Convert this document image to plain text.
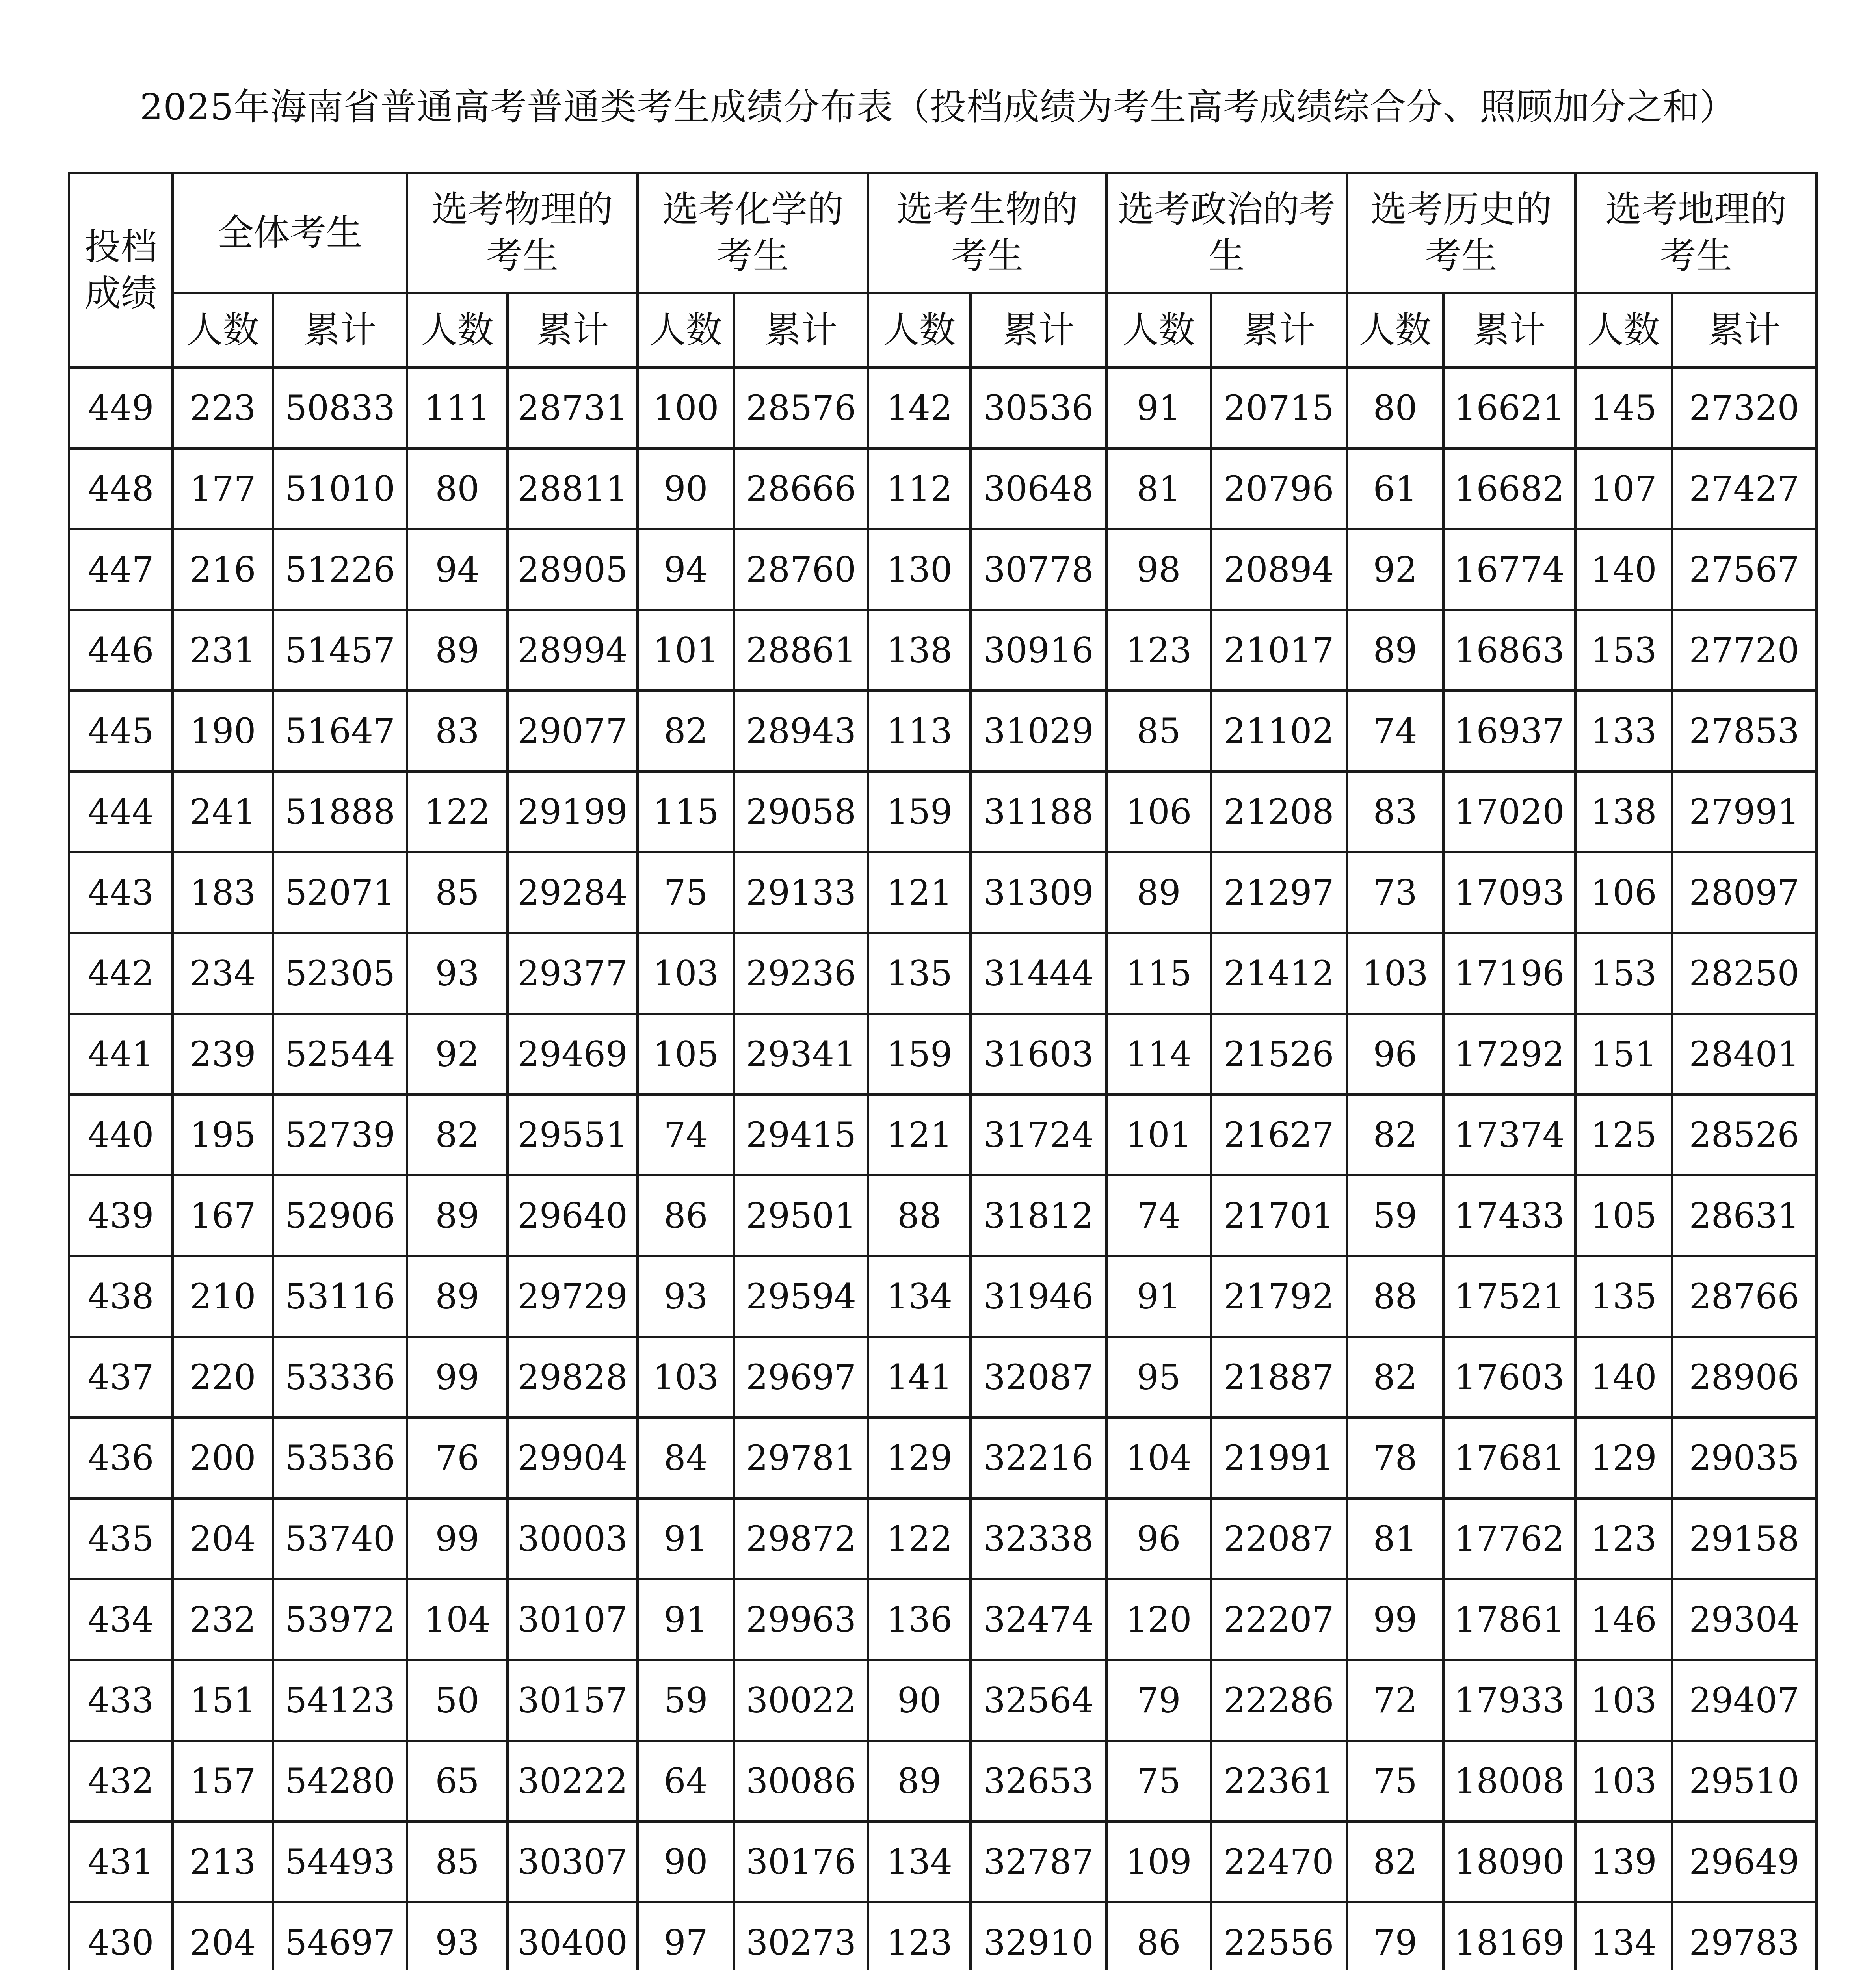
2025年海南省普通高考普通类考生成绩分布表（投档成绩为考生高考成绩综合分、照顾加分之和）
投档成绩	全体考生		选考物理的考生		选考化学的考生		选考生物的考生		选考政治的考生		选考历史的考生		选考地理的考生	
	人数	累计	人数	累计	人数	累计	人数	累计	人数	累计	人数	累计	人数	累计
449	223	50833	111	28731	100	28576	142	30536	91	20715	80	16621	145	27320
448	177	51010	80	28811	90	28666	112	30648	81	20796	61	16682	107	27427
447	216	51226	94	28905	94	28760	130	30778	98	20894	92	16774	140	27567
446	231	51457	89	28994	101	28861	138	30916	123	21017	89	16863	153	27720
445	190	51647	83	29077	82	28943	113	31029	85	21102	74	16937	133	27853
444	241	51888	122	29199	115	29058	159	31188	106	21208	83	17020	138	27991
443	183	52071	85	29284	75	29133	121	31309	89	21297	73	17093	106	28097
442	234	52305	93	29377	103	29236	135	31444	115	21412	103	17196	153	28250
441	239	52544	92	29469	105	29341	159	31603	114	21526	96	17292	151	28401
440	195	52739	82	29551	74	29415	121	31724	101	21627	82	17374	125	28526
439	167	52906	89	29640	86	29501	88	31812	74	21701	59	17433	105	28631
438	210	53116	89	29729	93	29594	134	31946	91	21792	88	17521	135	28766
437	220	53336	99	29828	103	29697	141	32087	95	21887	82	17603	140	28906
436	200	53536	76	29904	84	29781	129	32216	104	21991	78	17681	129	29035
435	204	53740	99	30003	91	29872	122	32338	96	22087	81	17762	123	29158
434	232	53972	104	30107	91	29963	136	32474	120	22207	99	17861	146	29304
433	151	54123	50	30157	59	30022	90	32564	79	22286	72	17933	103	29407
432	157	54280	65	30222	64	30086	89	32653	75	22361	75	18008	103	29510
431	213	54493	85	30307	90	30176	134	32787	109	22470	82	18090	139	29649
430	204	54697	93	30400	97	30273	123	32910	86	22556	79	18169	134	29783
